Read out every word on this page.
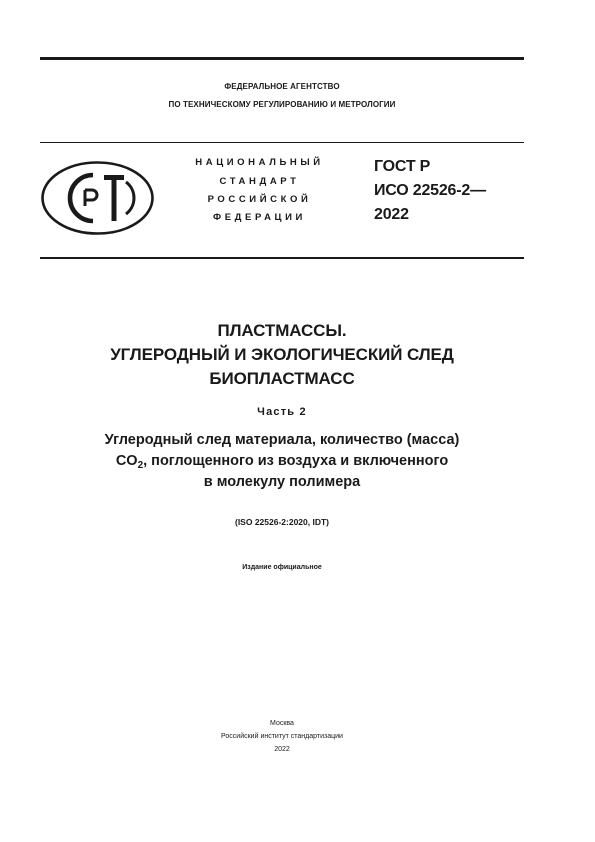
ФЕДЕРАЛЬНОЕ АГЕНТСТВО
ПО ТЕХНИЧЕСКОМУ РЕГУЛИРОВАНИЮ И МЕТРОЛОГИИ
НАЦИОНАЛЬНЫЙ
СТАНДАРТ
РОССИЙСКОЙ
ФЕДЕРАЦИИ
ГОСТ Р
ИСО 22526-2—
2022
ПЛАСТМАССЫ.
УГЛЕРОДНЫЙ И ЭКОЛОГИЧЕСКИЙ СЛЕД
БИОПЛАСТМАСС
Часть 2
Углеродный след материала, количество (масса)
$CO_2$, поглощенного из воздуха и включенного
в молекулу полимера
(ISO 22526-2:2020, IDT)
Издание официальное
Москва
Российский институт стандартизации
2022
